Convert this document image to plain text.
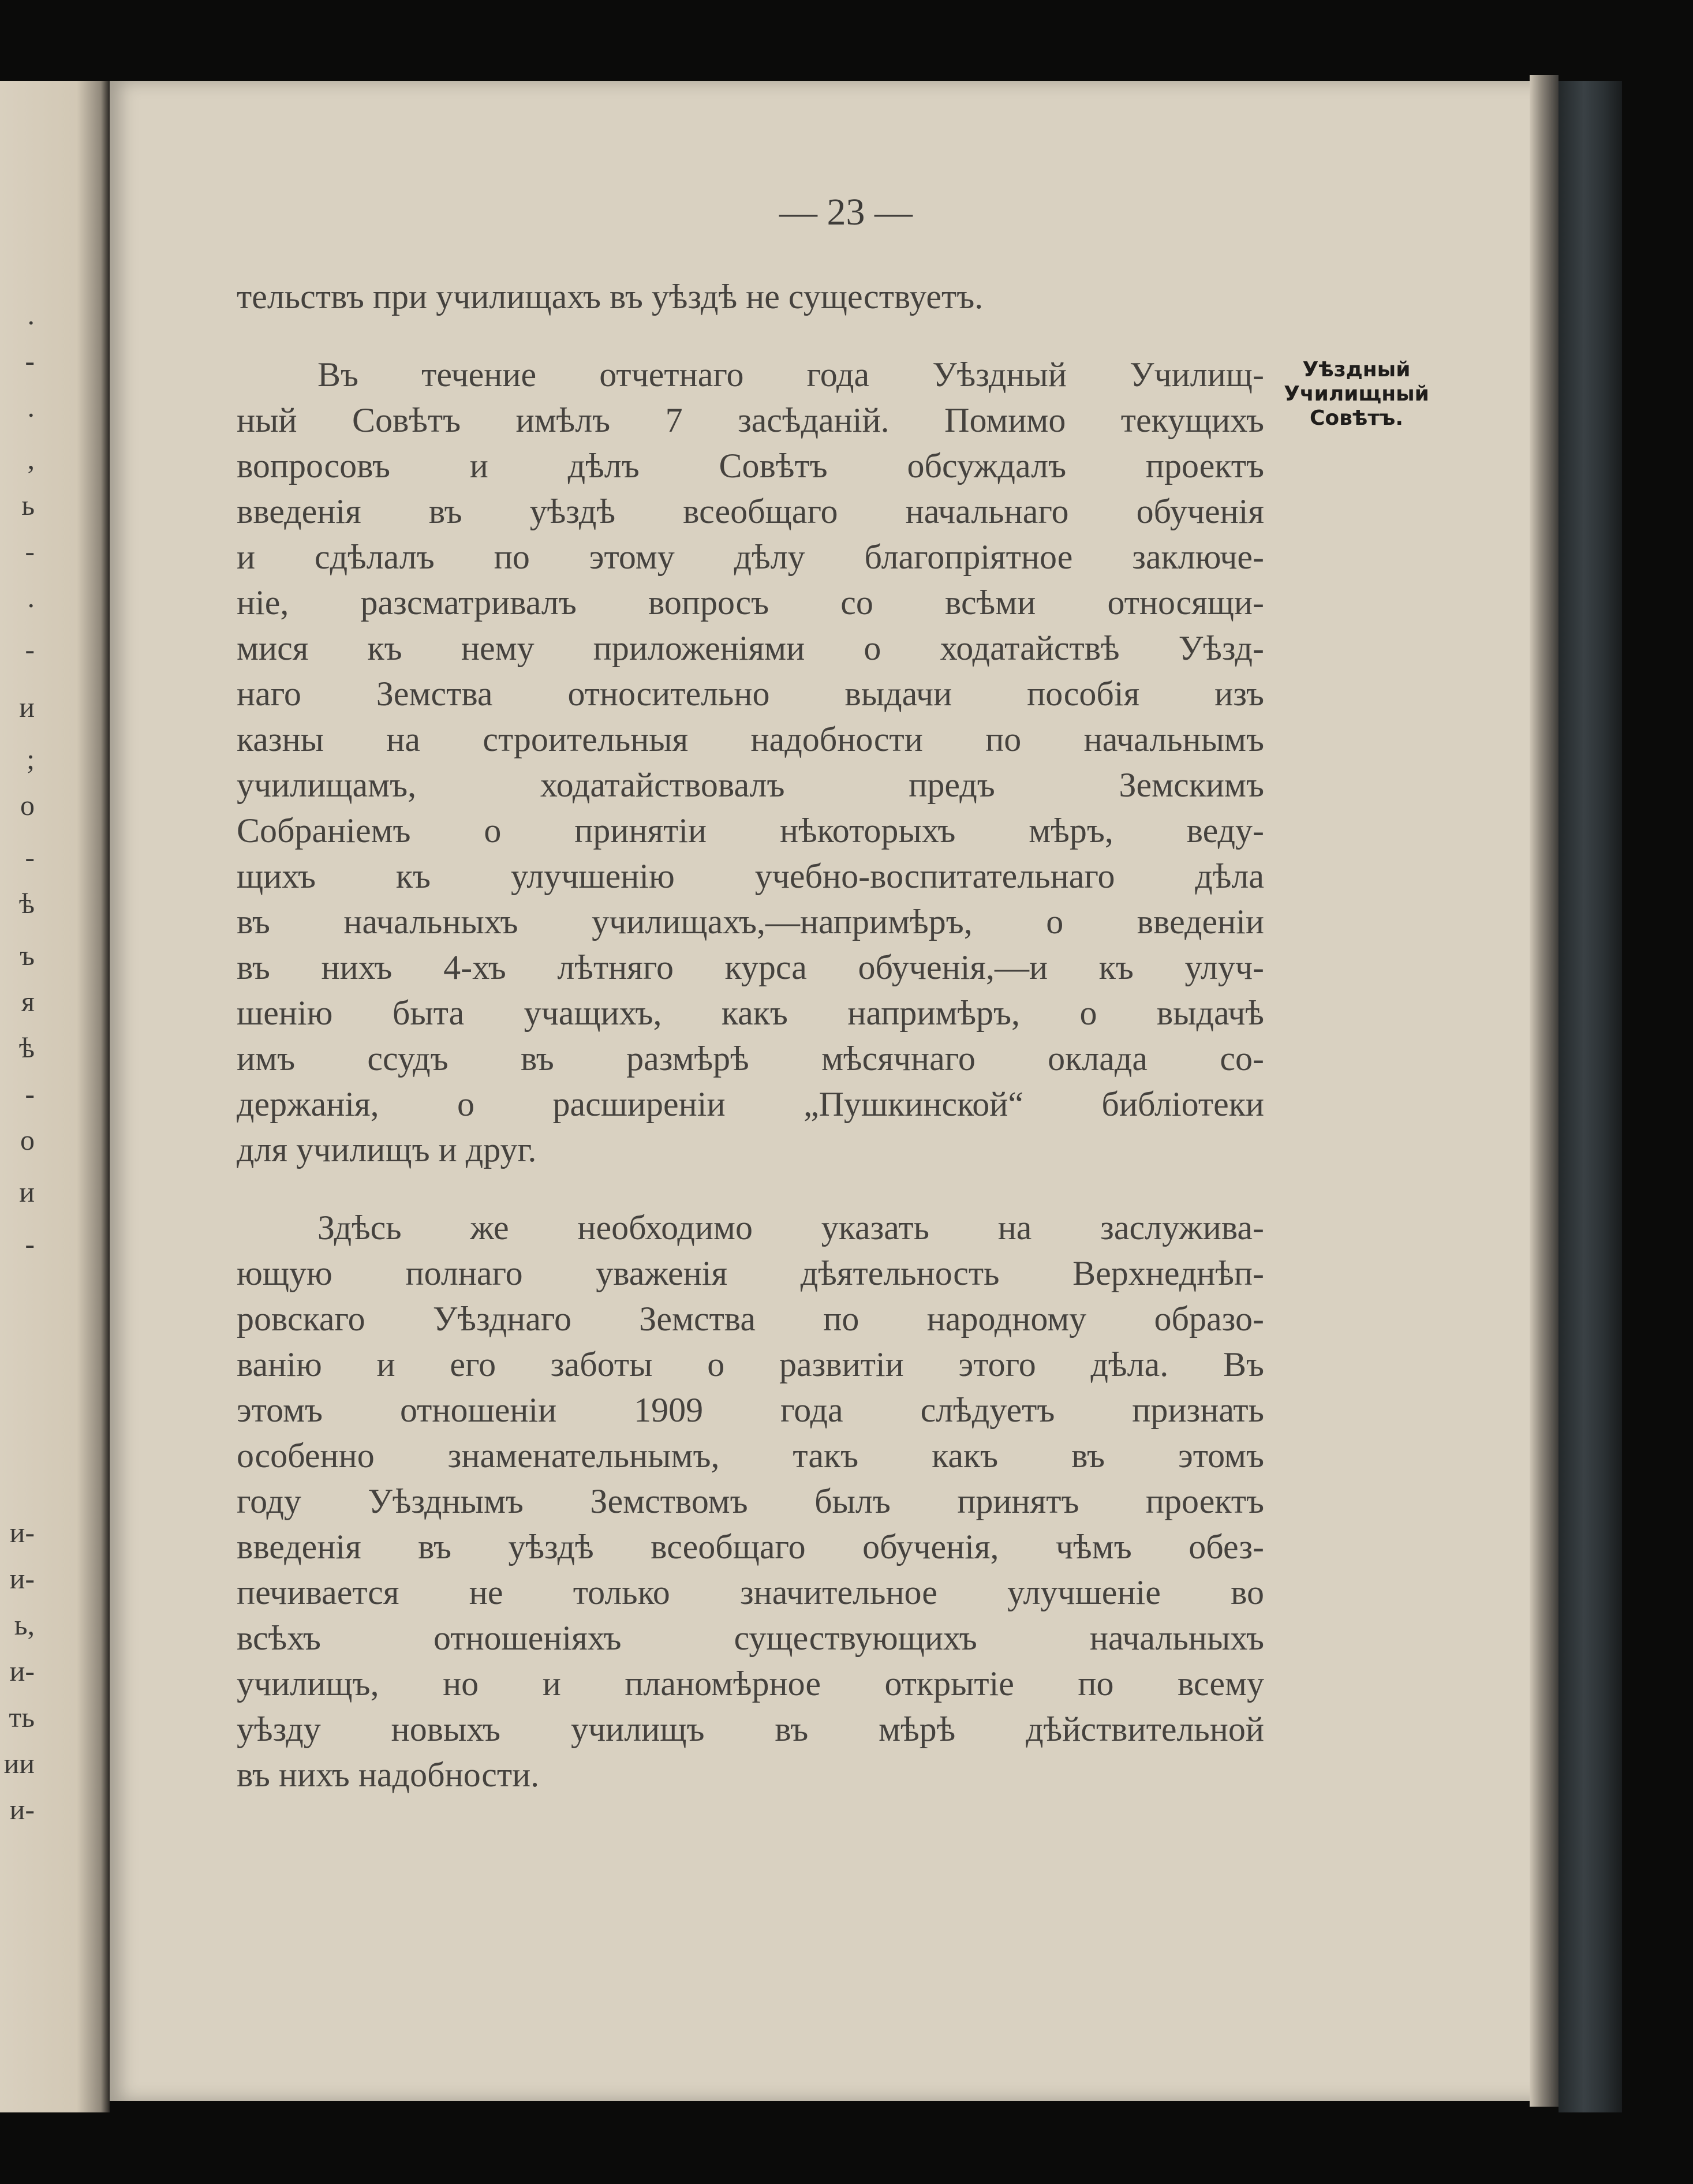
.
-
.
,
ь
-
.
-
и
;
о
-
ѣ
ъ
я
ѣ
-
о
и
-
и-
и-
ь,
и-
ть
ии
и-
— 23 —
Уѣздный
Училищный
Совѣтъ.
тельствъ при училищахъ въ уѣздѣ не существуетъ.
Въ течение отчетнаго года Уѣздный Училищ-
ный Совѣтъ имѣлъ 7 засѣданій. Помимо текущихъ
вопросовъ и дѣлъ Совѣтъ обсуждалъ проектъ
введенія въ уѣздѣ всеобщаго начальнаго обученія
и сдѣлалъ по этому дѣлу благопріятное заключе-
ніе, разсматривалъ вопросъ со всѣми относящи-
мися къ нему приложеніями о ходатайствѣ Уѣзд-
наго Земства относительно выдачи пособія изъ
казны на строительныя надобности по начальнымъ
училищамъ, ходатайствовалъ предъ Земскимъ
Собраніемъ о принятіи нѣкоторыхъ мѣръ, веду-
щихъ къ улучшенію учебно-воспитательнаго дѣла
въ начальныхъ училищахъ,—напримѣръ, о введеніи
въ нихъ 4-хъ лѣтняго курса обученія,—и къ улуч-
шенію быта учащихъ, какъ напримѣръ, о выдачѣ
имъ ссудъ въ размѣрѣ мѣсячнаго оклада со-
держанія, о расширеніи „Пушкинской“ библіотеки
для училищъ и друг.
Здѣсь же необходимо указать на заслужива-
ющую полнаго уваженія дѣятельность Верхнеднѣп-
ровскаго Уѣзднаго Земства по народному образо-
ванію и его заботы о развитіи этого дѣла. Въ
этомъ отношеніи 1909 года слѣдуетъ признать
особенно знаменательнымъ, такъ какъ въ этомъ
году Уѣзднымъ Земствомъ былъ принятъ проектъ
введенія въ уѣздѣ всеобщаго обученія, чѣмъ обез-
печивается не только значительное улучшеніе во
всѣхъ отношеніяхъ существующихъ начальныхъ
училищъ, но и планомѣрное открытіе по всему
уѣзду новыхъ училищъ въ мѣрѣ дѣйствительной
въ нихъ надобности.
